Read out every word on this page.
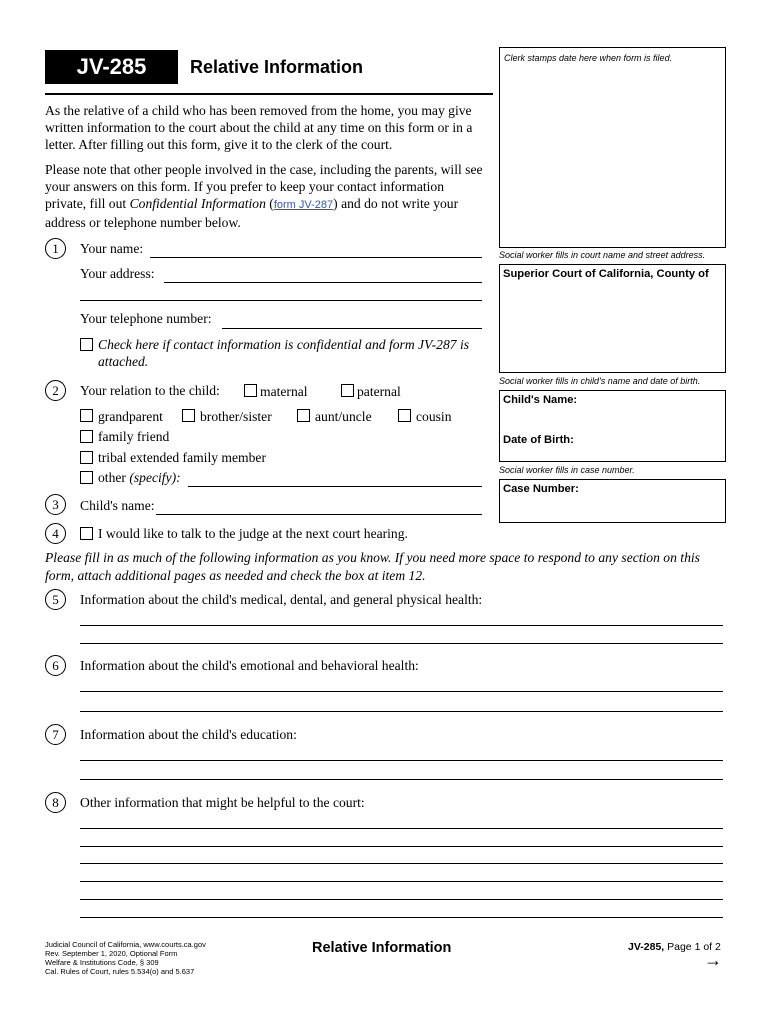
JV-285	Relative Information	Clerk stamps date here when form is filed.
Social worker fills in court name and street address.
Superior Court of California, County of
Social worker fills in child's name and date of birth.
Child's Name:
Date of Birth:
Social worker fills in case number.
Case Number:
As the relative of a child who has been removed from the home, you may give written information to the court about the child at any time on this form or in a letter. After filling out this form, give it to the clerk of the court.
Please note that other people involved in the case, including the parents, will see your answers on this form. If you prefer to keep your contact information private, fill out Confidential Information (form JV-287) and do not write your address or telephone number below.
1	Your name:
Your address:
Your telephone number:
Check here if contact information is confidential and form JV-287 is
attached.
2	Your relation to the child:	maternal	paternal
grandparent	brother/sister	aunt/uncle	cousin
family friend
tribal extended family member
other (specify):
3	Child's name:
4	I would like to talk to the judge at the next court hearing.
Please fill in as much of the following information as you know. If you need more space to respond to any section on this form, attach additional pages as needed and check the box at item 12.
5	Information about the child's medical, dental, and general physical health:
6	Information about the child's emotional and behavioral health:
7	Information about the child's education:
8	Other information that might be helpful to the court:
Judicial Council of California, www.courts.ca.gov
Rev. September 1, 2020, Optional Form
Welfare & Institutions Code, § 309
Cal. Rules of Court, rules 5.534(o) and 5.637
Relative Information	JV-285, Page 1 of 2
→
